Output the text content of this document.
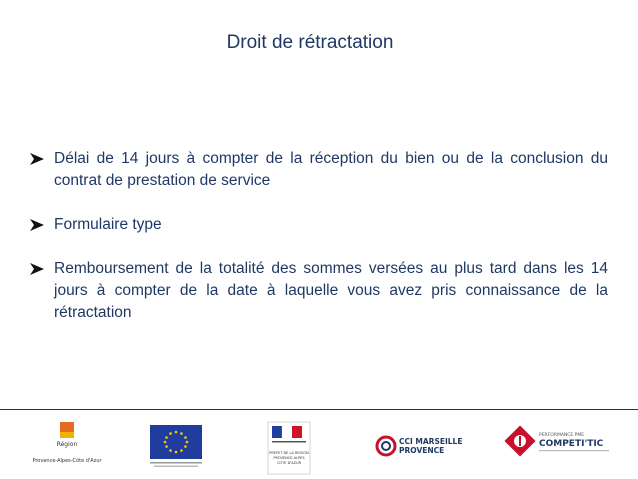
Droit de rétractation
Délai de 14 jours à compter de la réception du bien ou de la conclusion du contrat de prestation de service
Formulaire type
Remboursement de la totalité des sommes versées au plus tard dans les 14 jours à compter de la date à laquelle vous avez pris connaissance de la rétractation
Région
Provence-Alpes-Côte d'Azur
PREFET DE LA REGION
PROVENCE-ALPES
COTE D'AZUR
CCI MARSEILLE
PROVENCE
PERFORMANCE PME
COMPETI'TIC
